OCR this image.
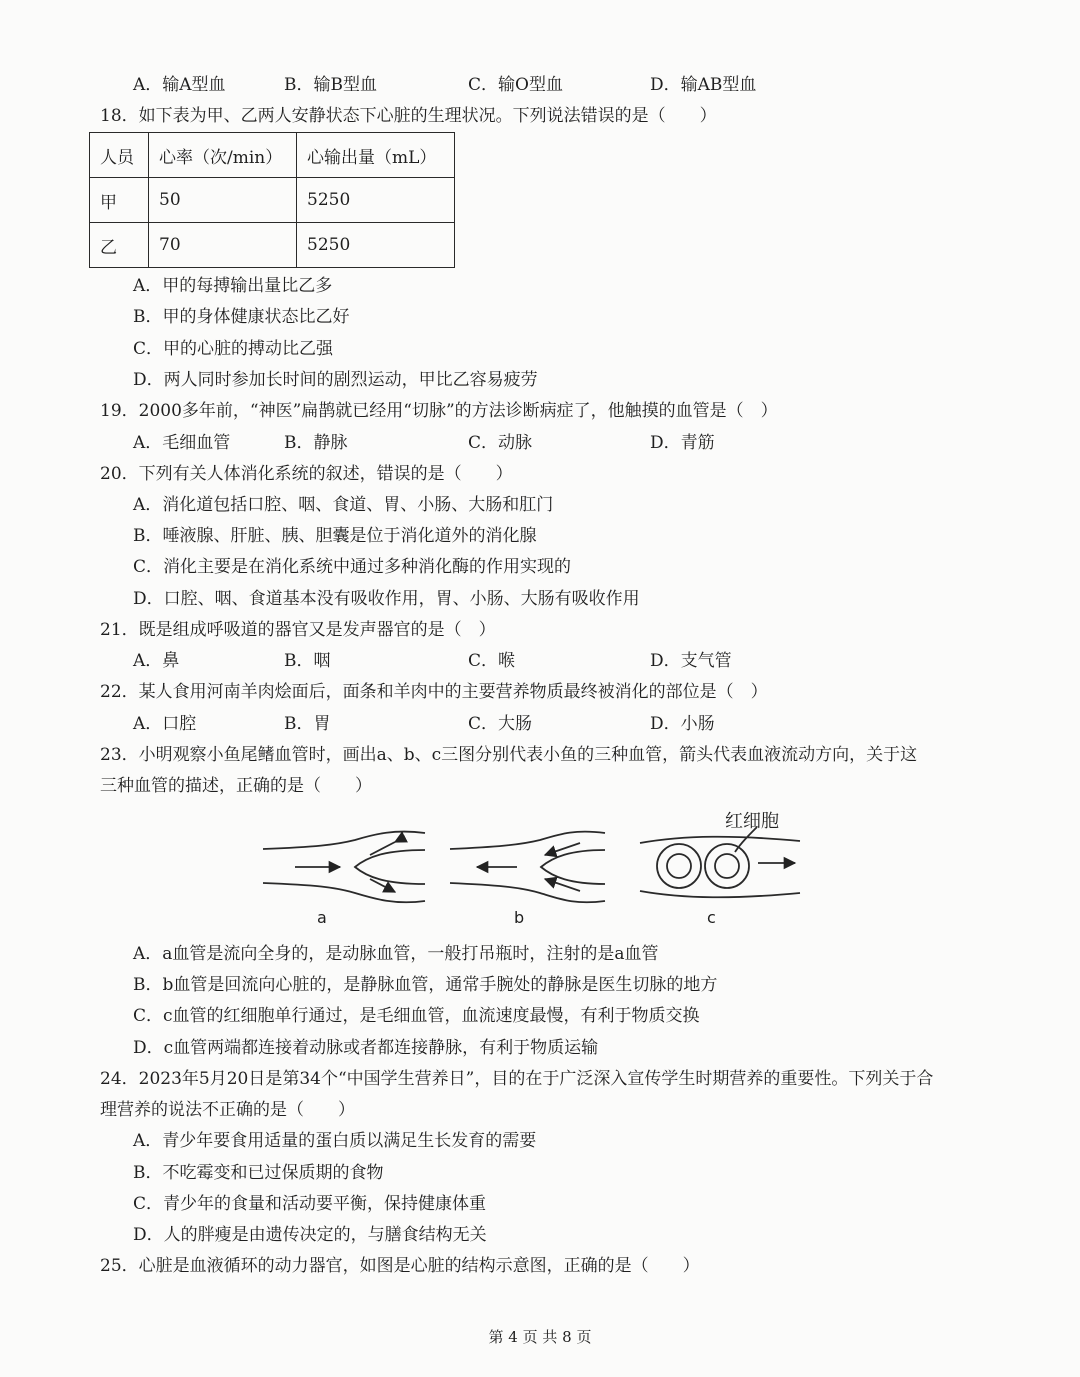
A．输A型血	B．输B型血	C．输O型血	D．输AB型血
18．如下表为甲、乙两人安静状态下心脏的生理状况。下列说法错误的是（　　）
人员	心率（次/min）	心输出量（mL）
甲	50	5250
乙	70	5250
A．甲的每搏输出量比乙多
B．甲的身体健康状态比乙好
C．甲的心脏的搏动比乙强
D．两人同时参加长时间的剧烈运动，甲比乙容易疲劳
19．2000多年前，“神医”扁鹊就已经用“切脉”的方法诊断病症了，他触摸的血管是（　）
A．毛细血管	B．静脉	C．动脉	D．青筋
20．下列有关人体消化系统的叙述，错误的是（　　）
A．消化道包括口腔、咽、食道、胃、小肠、大肠和肛门
B．唾液腺、肝脏、胰、胆囊是位于消化道外的消化腺
C．消化主要是在消化系统中通过多种消化酶的作用实现的
D．口腔、咽、食道基本没有吸收作用，胃、小肠、大肠有吸收作用
21．既是组成呼吸道的器官又是发声器官的是（　）
A．鼻	B．咽	C．喉	D．支气管
22．某人食用河南羊肉烩面后，面条和羊肉中的主要营养物质最终被消化的部位是（　）
A．口腔	B．胃	C．大肠	D．小肠
23．小明观察小鱼尾鳍血管时，画出a、b、c三图分别代表小鱼的三种血管，箭头代表血液流动方向，关于这
三种血管的描述，正确的是（　　）
红细胞
a	b	c
A．a血管是流向全身的，是动脉血管，一般打吊瓶时，注射的是a血管
B．b血管是回流向心脏的，是静脉血管，通常手腕处的静脉是医生切脉的地方
C．c血管的红细胞单行通过，是毛细血管，血流速度最慢，有利于物质交换
D．c血管两端都连接着动脉或者都连接静脉，有利于物质运输
24．2023年5月20日是第34个“中国学生营养日”，目的在于广泛深入宣传学生时期营养的重要性。下列关于合
理营养的说法不正确的是（　　）
A．青少年要食用适量的蛋白质以满足生长发育的需要
B．不吃霉变和已过保质期的食物
C．青少年的食量和活动要平衡，保持健康体重
D．人的胖瘦是由遗传决定的，与膳食结构无关
25．心脏是血液循环的动力器官，如图是心脏的结构示意图，正确的是（　　）
第 4 页 共 8 页
